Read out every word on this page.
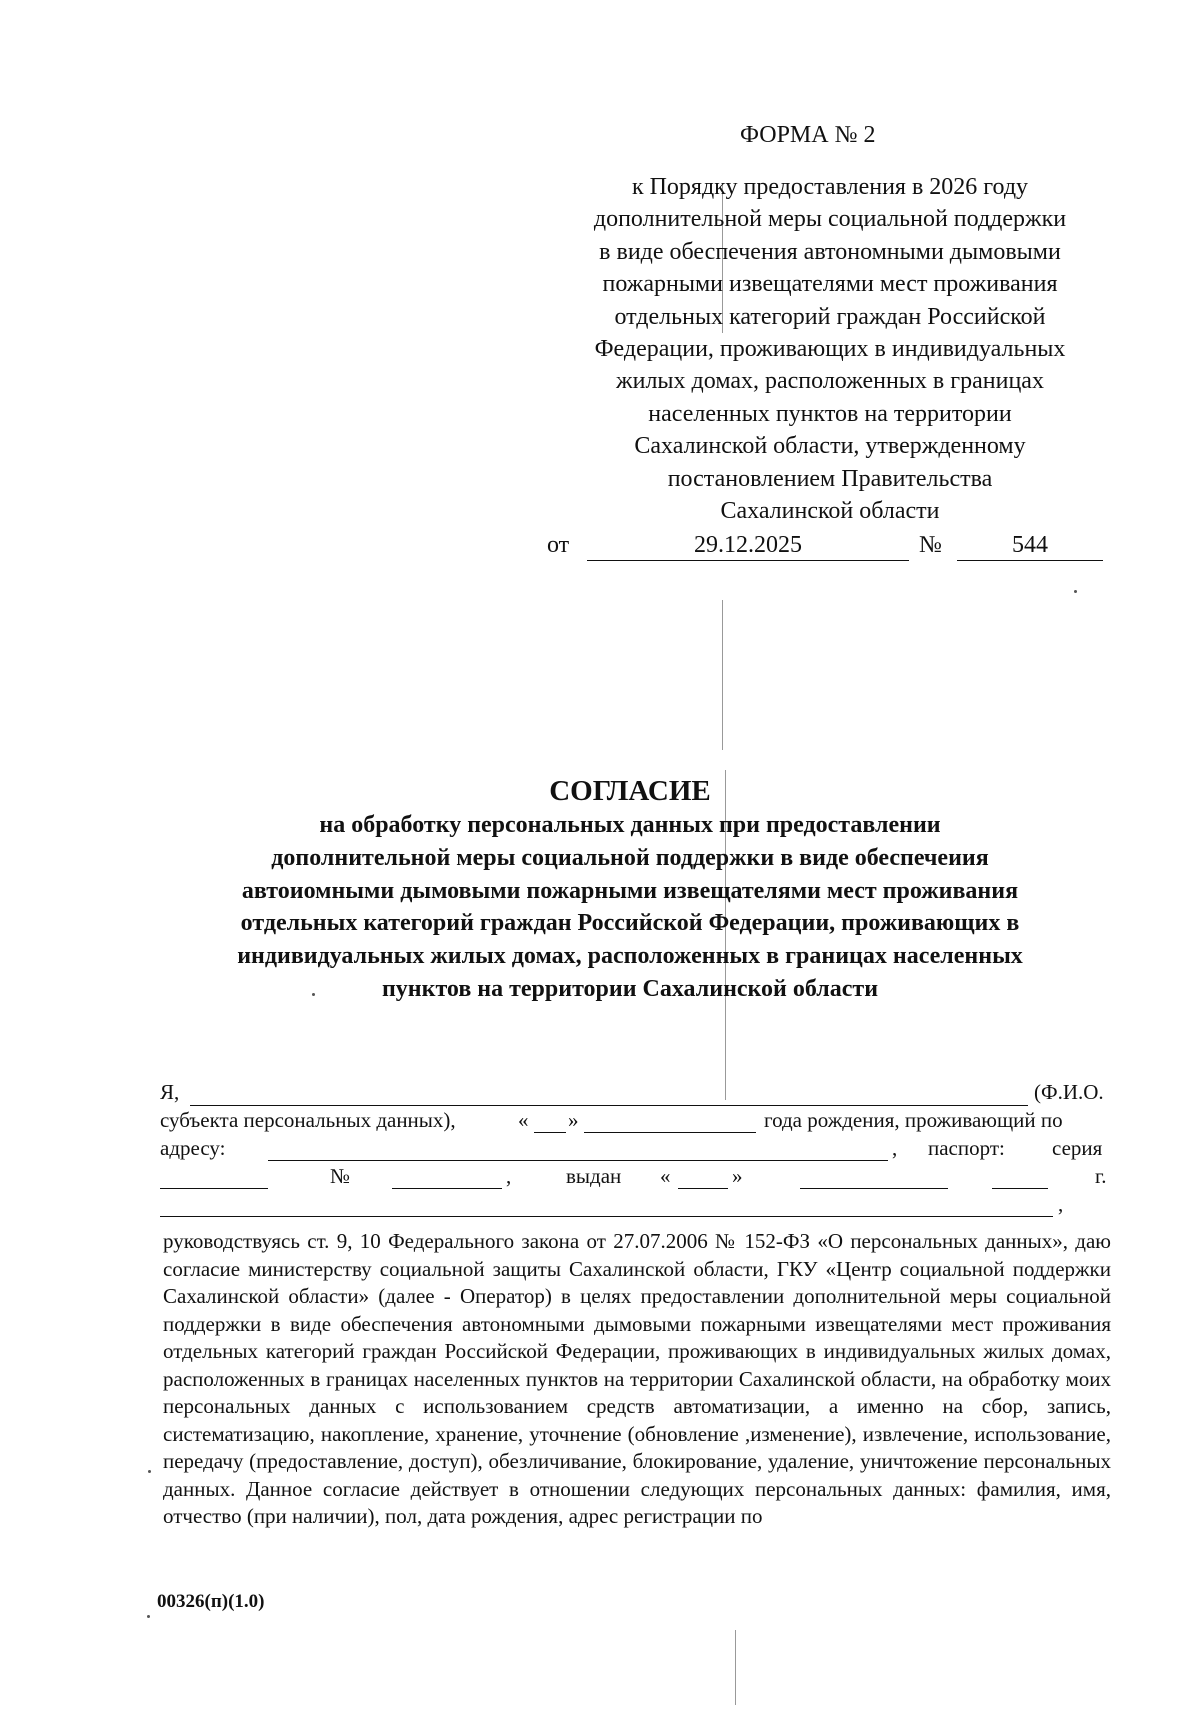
ФОРМА № 2
к Порядку предоставления в 2026 году
дополнительной меры социальной поддержки
в виде обеспечения автономными дымовыми
пожарными извещателями мест проживания
отдельных категорий граждан Российской
Федерации, проживающих в индивидуальных
жилых домах, расположенных в границах
населенных пунктов на территории
Сахалинской области, утвержденному
постановлением Правительства
Сахалинской области
от	29.12.2025	№	544
СОГЛАСИЕ
на обработку персональных данных при предоставлении
дополнительной меры социальной поддержки в виде обеспечеиия
автоиомными дымовыми пожарными извещателями мест проживания
отдельных категорий граждан Российской Федерации, проживающих в
индивидуальных жилых домах, расположенных в границах населенных
пунктов на территории Сахалинской области
Я,	(Ф.И.О.
субъекта персональных данных),	« »	года рождения, проживающий по
адресу:	, паспорт: серия
№	,	выдан «	»	г.
,
руководствуясь ст. 9, 10 Федерального закона от 27.07.2006 № 152-ФЗ «О персональных данных», даю согласие министерству социальной защиты Сахалинской области, ГКУ «Центр социальной поддержки Сахалинской области» (далее - Оператор) в целях предоставлении дополнительной меры социальной поддержки в виде обеспечения автономными дымовыми пожарными извещателями мест проживания отдельных категорий граждан Российской Федерации, проживающих в индивидуальных жилых домах, расположенных в границах населенных пунктов на территории Сахалинской области, на обработку моих персональных данных с использованием средств автоматизации, а именно на сбор, запись, систематизацию, накопление, хранение, уточнение (обновление ,изменение), извлечение, использование, передачу (предоставление, доступ), обезличивание, блокирование, удаление, уничтожение персональных данных. Данное согласие действует в отношении следующих персональных данных: фамилия, имя, отчество (при наличии), пол, дата рождения, адрес регистрации по
00326(п)(1.0)
